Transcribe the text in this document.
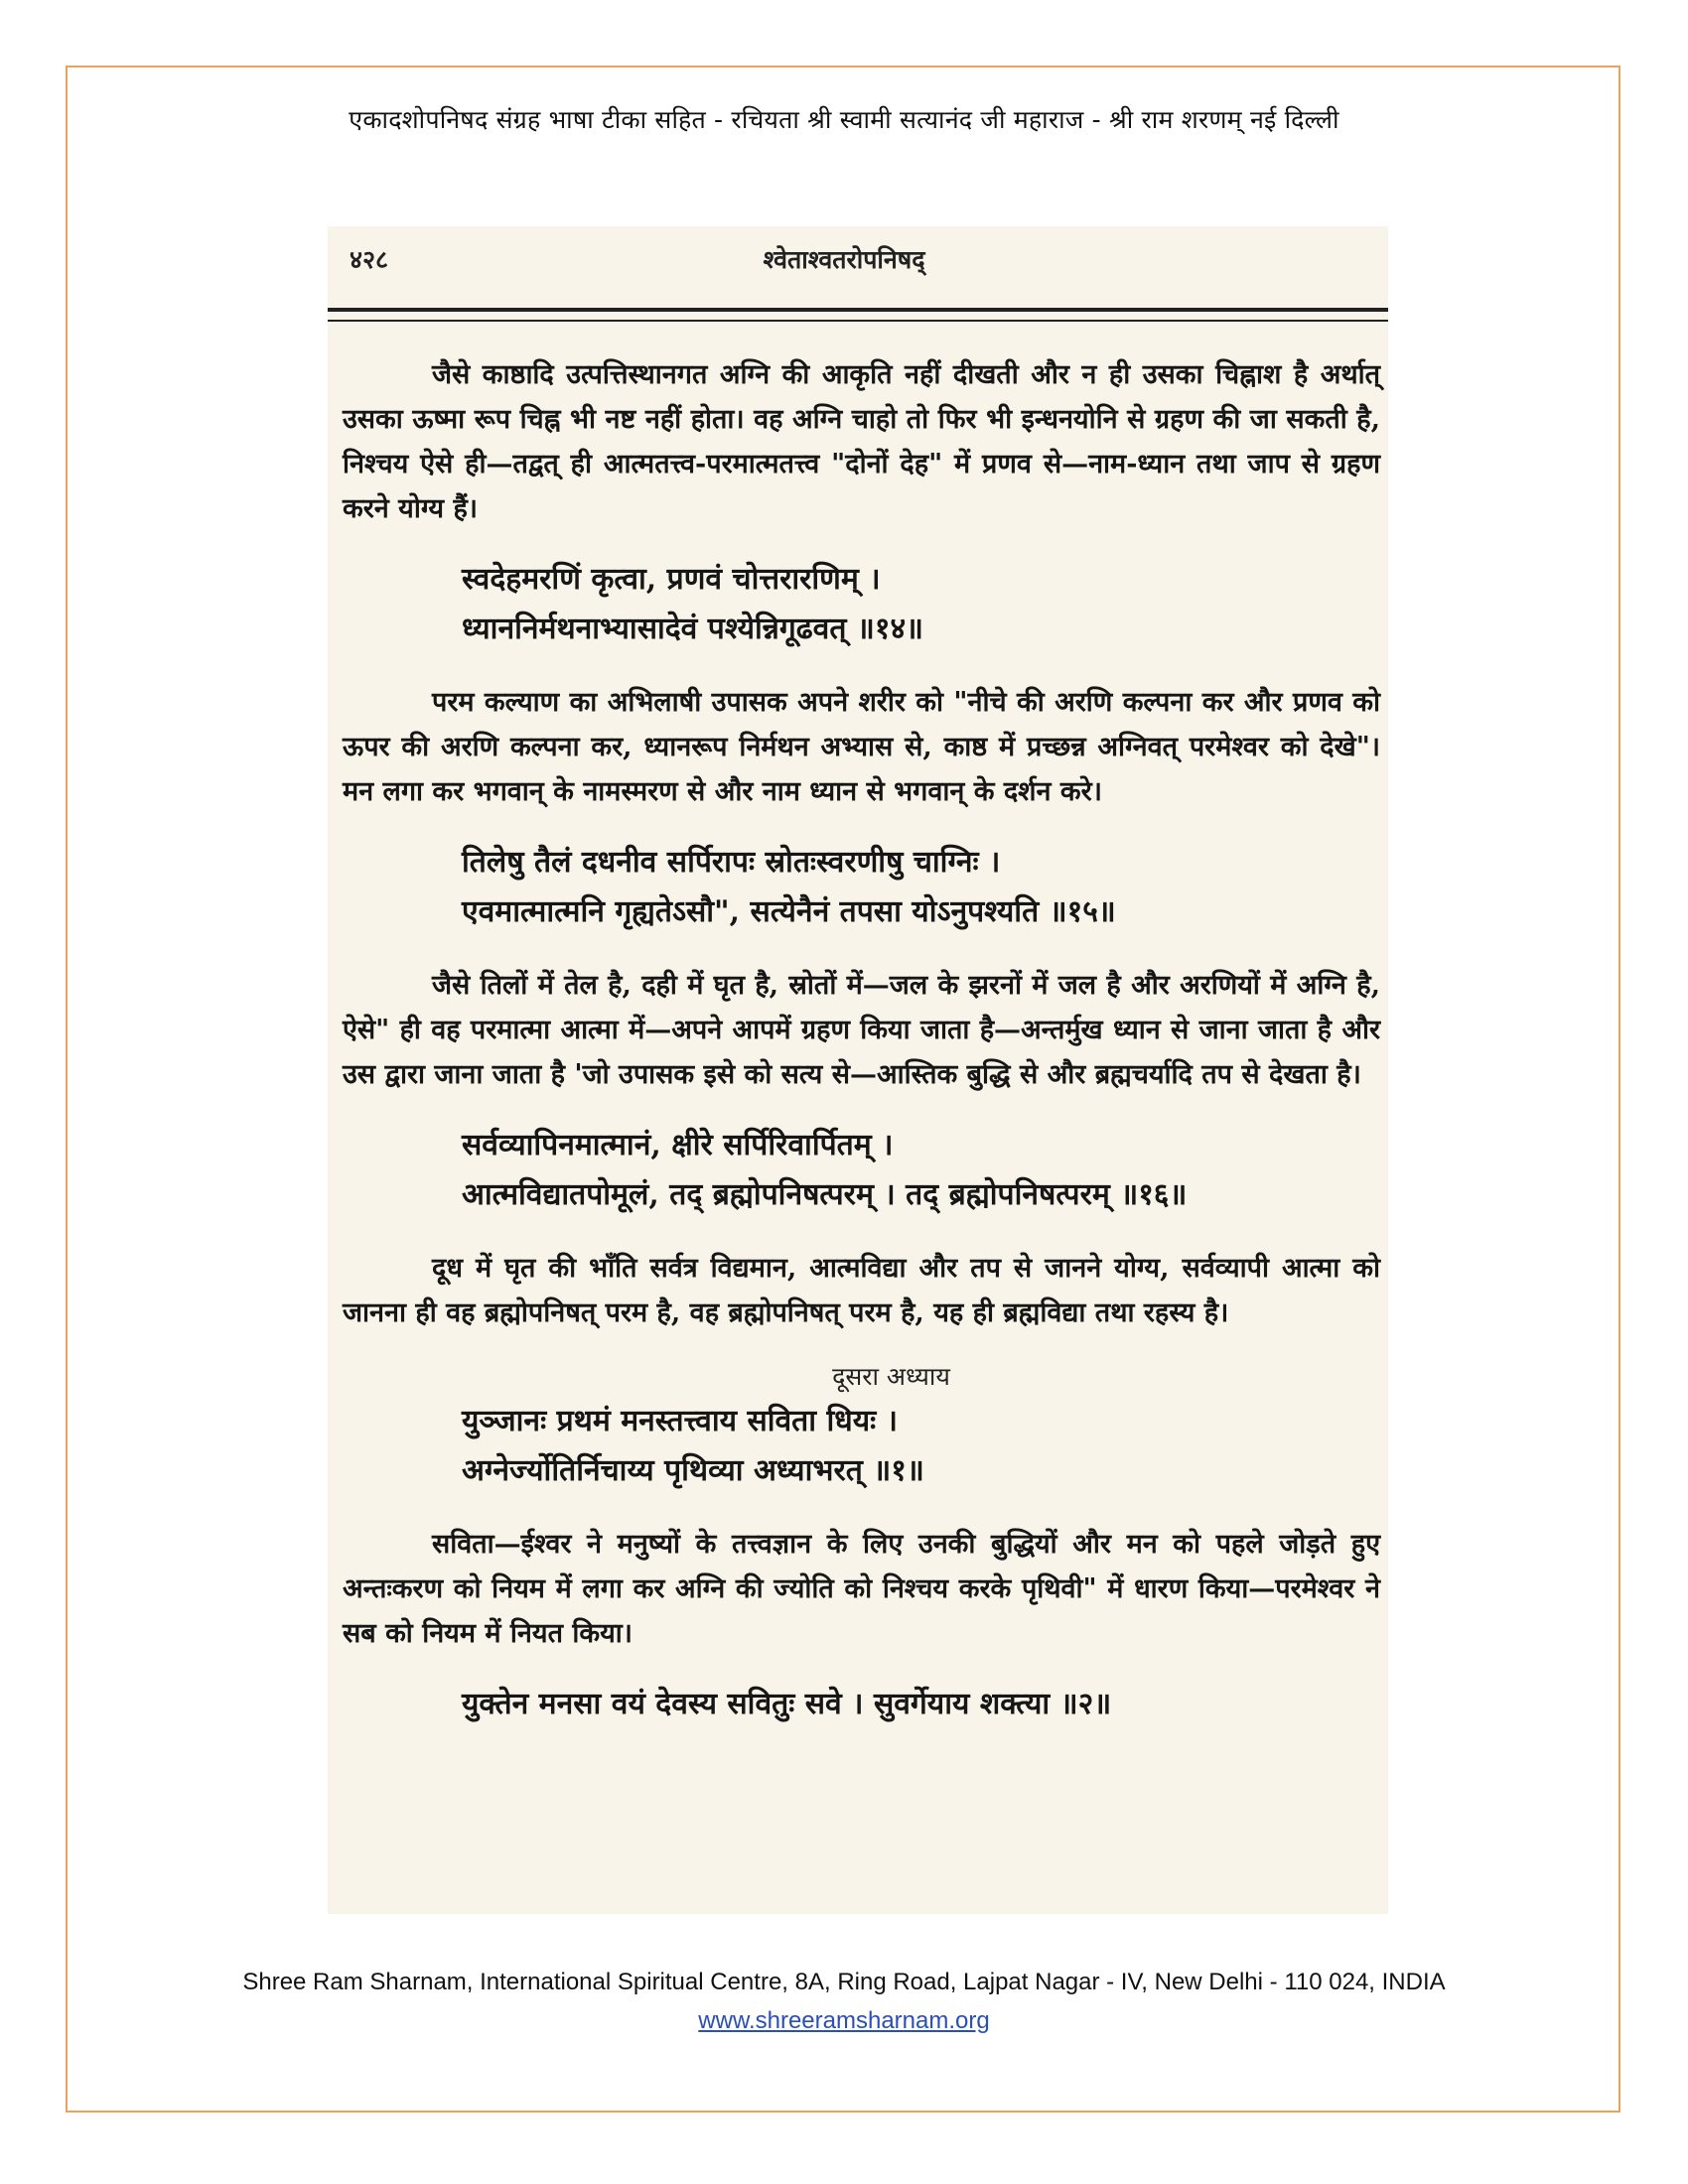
एकादशोपनिषद संग्रह भाषा टीका सहित - रचियता श्री स्वामी सत्यानंद जी महाराज - श्री राम शरणम् नई दिल्ली
४२८	श्वेताश्वतरोपनिषद्

जैसे काष्ठादि उत्पत्तिस्थानगत अग्नि की आकृति नहीं दीखती और न ही उसका चिह्नाश है अर्थात् उसका ऊष्मा रूप चिह्न भी नष्ट नहीं होता। वह अग्नि चाहो तो फिर भी इन्धनयोनि से ग्रहण की जा सकती है, निश्चय ऐसे ही—तद्वत् ही आत्मतत्त्व-परमात्मतत्त्व "दोनों देह" में प्रणव से—नाम-ध्यान तथा जाप से ग्रहण करने योग्य हैं।

स्वदेहमरणिं कृत्वा, प्रणवं चोत्तरारणिम् ।
ध्याननिर्मथनाभ्यासादेवं पश्येन्निगूढवत् ॥१४॥

परम कल्याण का अभिलाषी उपासक अपने शरीर को "नीचे की अरणि कल्पना कर और प्रणव को ऊपर की अरणि कल्पना कर, ध्यानरूप निर्मथन अभ्यास से, काष्ठ में प्रच्छन्न अग्निवत् परमेश्वर को देखे"। मन लगा कर भगवान् के नामस्मरण से और नाम ध्यान से भगवान् के दर्शन करे।

तिलेषु तैलं दधनीव सर्पिरापः स्रोतःस्वरणीषु चाग्निः ।
एवमात्मात्मनि गृह्यतेऽसौ", सत्येनैनं तपसा योऽनुपश्यति ॥१५॥

जैसे तिलों में तेल है, दही में घृत है, स्रोतों में—जल के झरनों में जल है और अरणियों में अग्नि है, ऐसे" ही वह परमात्मा आत्मा में—अपने आपमें ग्रहण किया जाता है—अन्तर्मुख ध्यान से जाना जाता है और उस द्वारा जाना जाता है 'जो उपासक इसे को सत्य से—आस्तिक बुद्धि से और ब्रह्मचर्यादि तप से देखता है।

सर्वव्यापिनमात्मानं, क्षीरे सर्पिरिवार्पितम् ।
आत्मविद्यातपोमूलं, तद् ब्रह्मोपनिषत्परम् । तद् ब्रह्मोपनिषत्परम् ॥१६॥

दूध में घृत की भाँति सर्वत्र विद्यमान, आत्मविद्या और तप से जानने योग्य, सर्वव्यापी आत्मा को जानना ही वह ब्रह्मोपनिषत् परम है, वह ब्रह्मोपनिषत् परम है, यह ही ब्रह्मविद्या तथा रहस्य है।

दूसरा अध्याय
युञ्जानः प्रथमं मनस्तत्त्वाय सविता धियः ।
अग्नेर्ज्योतिर्निचाय्य पृथिव्या अध्याभरत् ॥१॥

सविता—ईश्वर ने मनुष्यों के तत्त्वज्ञान के लिए उनकी बुद्धियों और मन को पहले जोड़ते हुए अन्तःकरण को नियम में लगा कर अग्नि की ज्योति को निश्चय करके पृथिवी" में धारण किया—परमेश्वर ने सब को नियम में नियत किया।

युक्तेन मनसा वयं देवस्य सवितुः सवे । सुवर्गेयाय शक्त्या ॥२॥
Shree Ram Sharnam, International Spiritual Centre, 8A, Ring Road, Lajpat Nagar - IV, New Delhi - 110 024, INDIA
www.shreeramsharnam.org
